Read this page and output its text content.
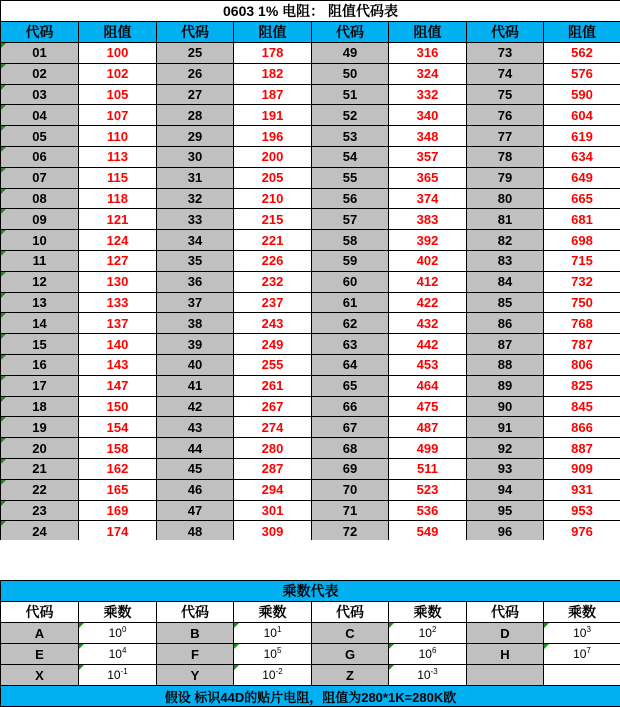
0603 1% 电阻： 阻值代码表							
代码	阻值	代码	阻值	代码	阻值	代码	阻值
01	100	25	178	49	316	73	562
02	102	26	182	50	324	74	576
03	105	27	187	51	332	75	590
04	107	28	191	52	340	76	604
05	110	29	196	53	348	77	619
06	113	30	200	54	357	78	634
07	115	31	205	55	365	79	649
08	118	32	210	56	374	80	665
09	121	33	215	57	383	81	681
10	124	34	221	58	392	82	698
11	127	35	226	59	402	83	715
12	130	36	232	60	412	84	732
13	133	37	237	61	422	85	750
14	137	38	243	62	432	86	768
15	140	39	249	63	442	87	787
16	143	40	255	64	453	88	806
17	147	41	261	65	464	89	825
18	150	42	267	66	475	90	845
19	154	43	274	67	487	91	866
20	158	44	280	68	499	92	887
21	162	45	287	69	511	93	909
22	165	46	294	70	523	94	931
23	169	47	301	71	536	95	953
24	174	48	309	72	549	96	976
乘数代表							
代码	乘数	代码	乘数	代码	乘数	代码	乘数
A	$10^0$	B	$10^1$	C	$10^2$	D	$10^3$
E	$10^4$	F	$10^5$	G	$10^6$	H	$10^7$
X	$10^{-1}$	Y	$10^{-2}$	Z	$10^{-3}$		
假设 标识44D的贴片电阻，阻值为280*1K=280K欧							
